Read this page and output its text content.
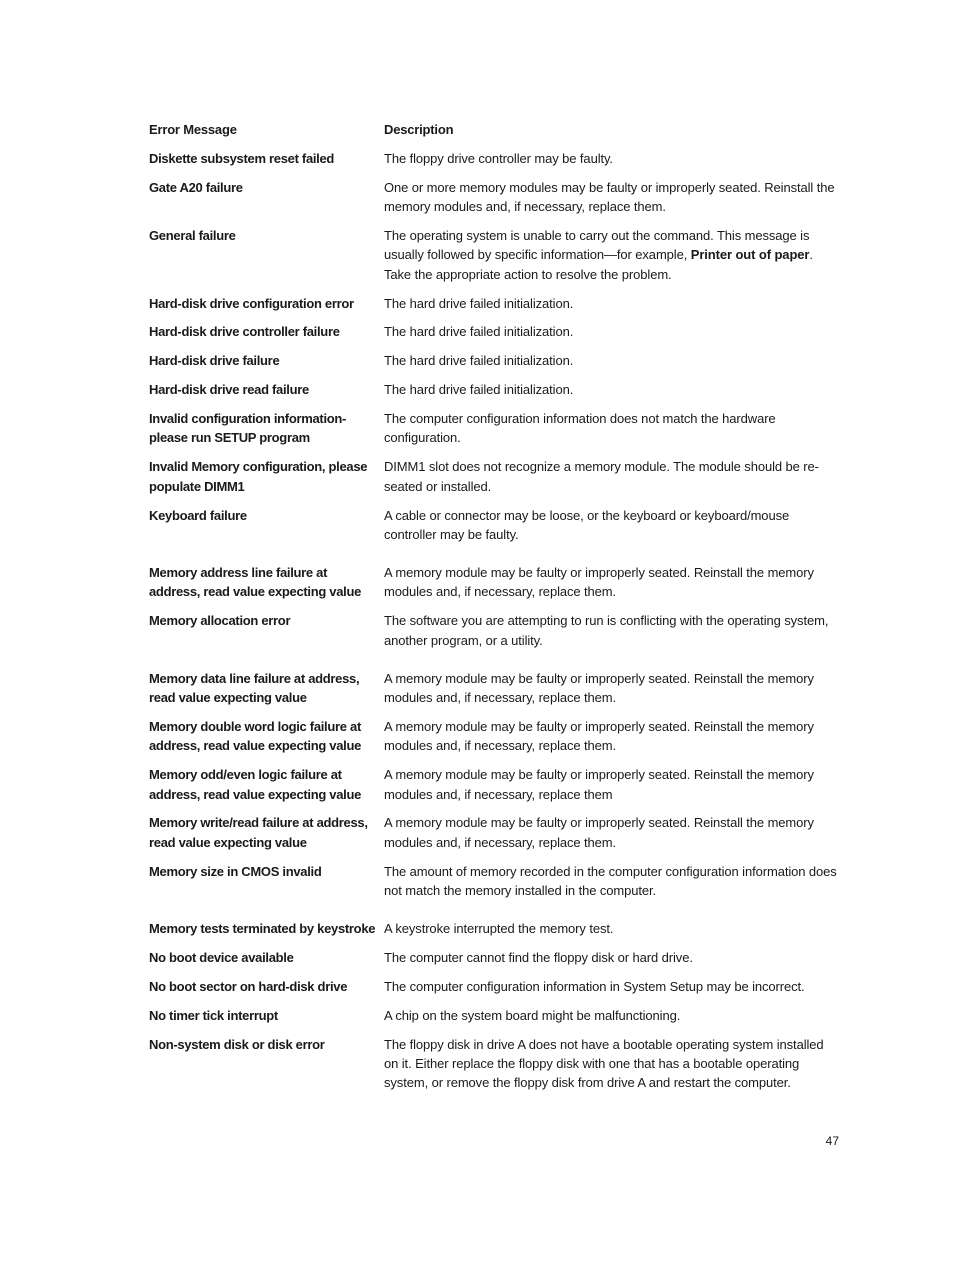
Error Message	Description
Diskette subsystem reset failed	The floppy drive controller may be faulty.
Gate A20 failure	One or more memory modules may be faulty or improperly seated. Reinstall the memory modules and, if necessary, replace them.
General failure	The operating system is unable to carry out the command. This message is usually followed by specific information—for example, Printer out of paper. Take the appropriate action to resolve the problem.
Hard-disk drive configuration error	The hard drive failed initialization.
Hard-disk drive controller failure	The hard drive failed initialization.
Hard-disk drive failure	The hard drive failed initialization.
Hard-disk drive read failure	The hard drive failed initialization.
Invalid configuration information-please run SETUP program	The computer configuration information does not match the hardware configuration.
Invalid Memory configuration, please populate DIMM1	DIMM1 slot does not recognize a memory module. The module should be re-seated or installed.
Keyboard failure	A cable or connector may be loose, or the keyboard or keyboard/mouse controller may be faulty.
Memory address line failure at address, read value expecting value	A memory module may be faulty or improperly seated. Reinstall the memory modules and, if necessary, replace them.
Memory allocation error	The software you are attempting to run is conflicting with the operating system, another program, or a utility.
Memory data line failure at address, read value expecting value	A memory module may be faulty or improperly seated. Reinstall the memory modules and, if necessary, replace them.
Memory double word logic failure at address, read value expecting value	A memory module may be faulty or improperly seated. Reinstall the memory modules and, if necessary, replace them.
Memory odd/even logic failure at address, read value expecting value	A memory module may be faulty or improperly seated. Reinstall the memory modules and, if necessary, replace them
Memory write/read failure at address, read value expecting value	A memory module may be faulty or improperly seated. Reinstall the memory modules and, if necessary, replace them.
Memory size in CMOS invalid	The amount of memory recorded in the computer configuration information does not match the memory installed in the computer.
Memory tests terminated by keystroke	A keystroke interrupted the memory test.
No boot device available	The computer cannot find the floppy disk or hard drive.
No boot sector on hard-disk drive	The computer configuration information in System Setup may be incorrect.
No timer tick interrupt	A chip on the system board might be malfunctioning.
Non-system disk or disk error	The floppy disk in drive A does not have a bootable operating system installed on it. Either replace the floppy disk with one that has a bootable operating system, or remove the floppy disk from drive A and restart the computer.
47
